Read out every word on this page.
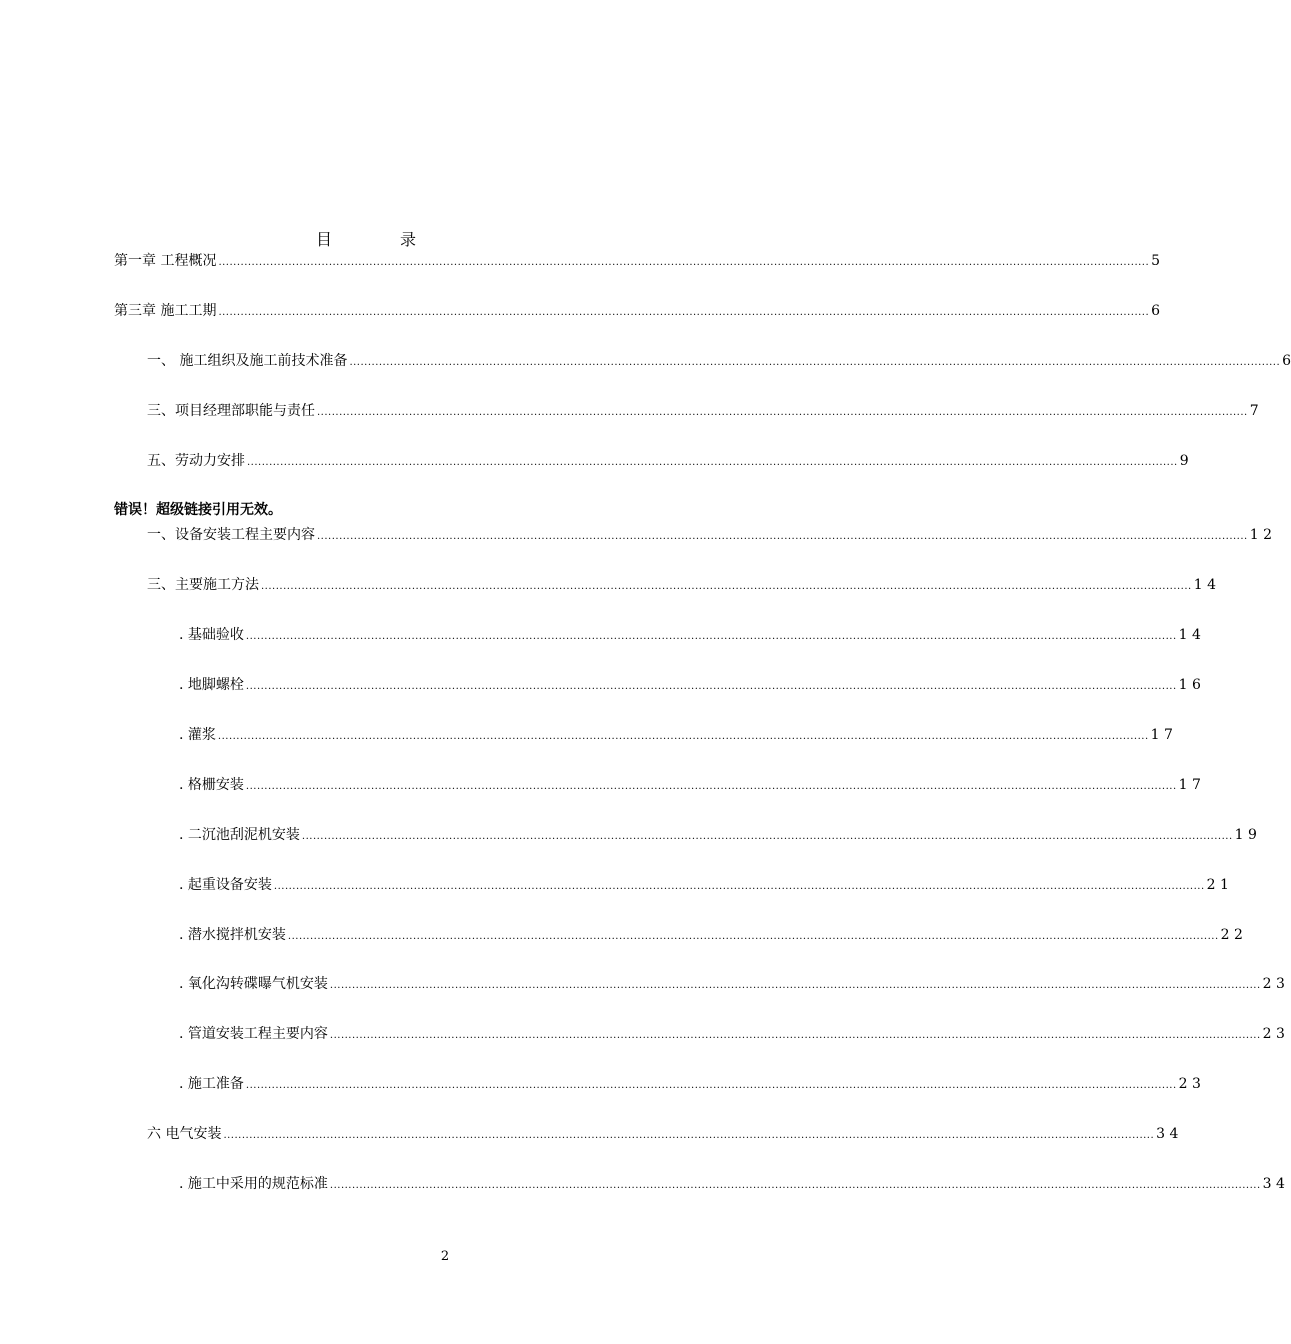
目	录
第一章 工程概况 ............................................................................................................................................................................................................................................................. 5
第三章 施工工期 ............................................................................................................................................................................................................................................................. 6
一、 施工组织及施工前技术准备 ............................................................................................................................................................................................................................................................. 6
三、项目经理部职能与责任 ............................................................................................................................................................................................................................................................. 7
五、劳动力安排 ............................................................................................................................................................................................................................................................. 9
错误！超级链接引用无效。
一、设备安装工程主要内容 ............................................................................................................................................................................................................................................................. 1 2
三、主要施工方法 ............................................................................................................................................................................................................................................................. 1 4
. 基础验收 ............................................................................................................................................................................................................................................................. 1 4
. 地脚螺栓 ............................................................................................................................................................................................................................................................. 1 6
. 灌浆 ............................................................................................................................................................................................................................................................. 1 7
. 格栅安装 ............................................................................................................................................................................................................................................................. 1 7
. 二沉池刮泥机安装 ............................................................................................................................................................................................................................................................. 1 9
. 起重设备安装 ............................................................................................................................................................................................................................................................. 2 1
. 潜水搅拌机安装 ............................................................................................................................................................................................................................................................. 2 2
. 氧化沟转碟曝气机安装 ............................................................................................................................................................................................................................................................. 2 3
. 管道安装工程主要内容 ............................................................................................................................................................................................................................................................. 2 3
. 施工准备 ............................................................................................................................................................................................................................................................. 2 3
六 电气安装 ............................................................................................................................................................................................................................................................. 3 4
. 施工中采用的规范标准 ............................................................................................................................................................................................................................................................. 3 4
2
